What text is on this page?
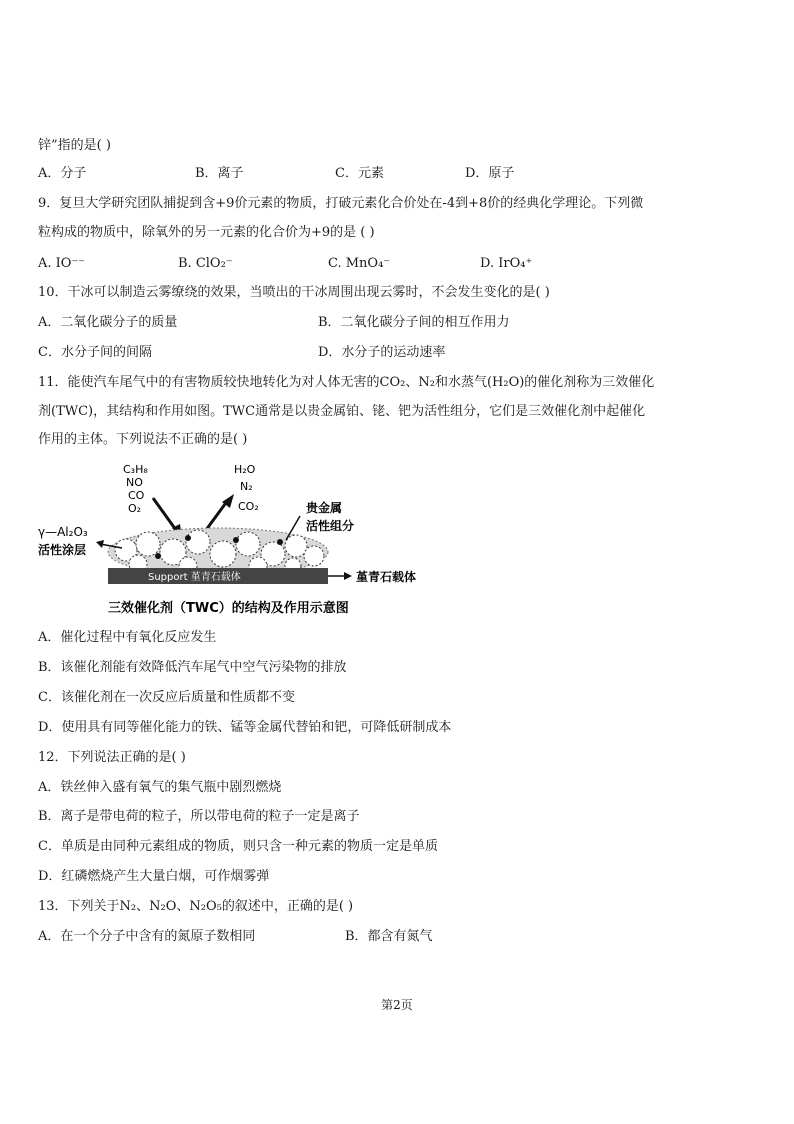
锌”指的是( )
A．分子	B．离子	C．元素	D．原子
9．复旦大学研究团队捕捉到含+9价元素的物质，打破元素化合价处在-4到+8价的经典化学理论。下列微
粒构成的物质中，除氧外的另一元素的化合价为+9的是 ( )
A. IO⁻⁻	B. ClO₂⁻	C. MnO₄⁻	D. IrO₄⁺
10．干冰可以制造云雾缭绕的效果，当喷出的干冰周围出现云雾时，不会发生变化的是( )
A．二氧化碳分子的质量	B．二氧化碳分子间的相互作用力
C．水分子间的间隔	D．水分子的运动速率
11．能使汽车尾气中的有害物质较快地转化为对人体无害的CO₂、N₂和水蒸气(H₂O)的催化剂称为三效催化
剂(TWC)，其结构和作用如图。TWC通常是以贵金属铂、铑、钯为活性组分，它们是三效催化剂中起催化
作用的主体。下列说法不正确的是( )
C₃H₈
NO
CO
O₂
H₂O
N₂
CO₂
Support 堇青石载体
γ—Al₂O₃
活性涂层
贵金属
活性组分
堇青石载体
三效催化剂（TWC）的结构及作用示意图
A．催化过程中有氧化反应发生
B．该催化剂能有效降低汽车尾气中空气污染物的排放
C．该催化剂在一次反应后质量和性质都不变
D．使用具有同等催化能力的铁、锰等金属代替铂和钯，可降低研制成本
12．下列说法正确的是( )
A．铁丝伸入盛有氧气的集气瓶中剧烈燃烧
B．离子是带电荷的粒子，所以带电荷的粒子一定是离子
C．单质是由同种元素组成的物质，则只含一种元素的物质一定是单质
D．红磷燃烧产生大量白烟，可作烟雾弹
13．下列关于N₂、N₂O、N₂O₅的叙述中，正确的是( )
A．在一个分子中含有的氮原子数相同	B．都含有氮气
第2页
